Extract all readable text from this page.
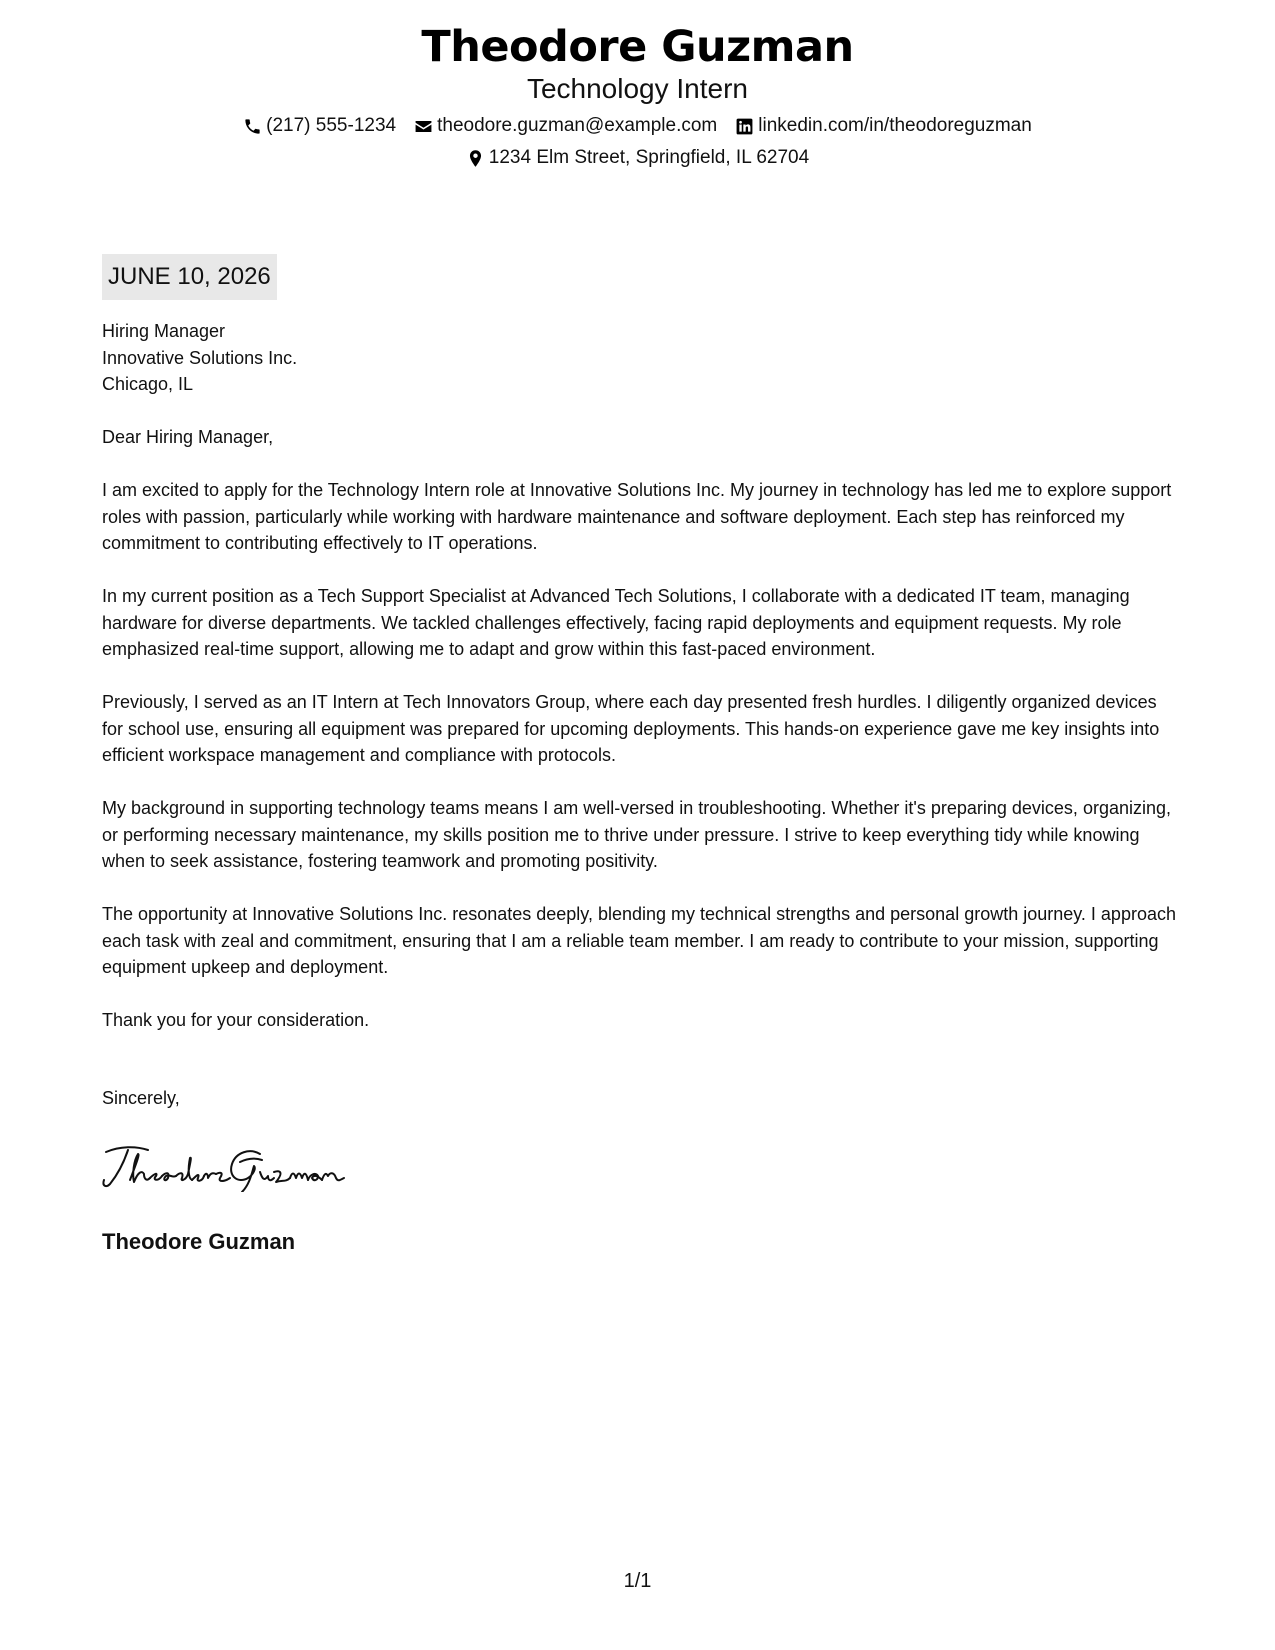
Theodore Guzman
Technology Intern
(217) 555-1234 theodore.guzman@example.com linkedin.com/in/theodoreguzman
1234 Elm Street, Springfield, IL 62704
JUNE 10, 2026

Hiring Manager

Innovative Solutions Inc.

Chicago, IL

Dear Hiring Manager,

I am excited to apply for the Technology Intern role at Innovative Solutions Inc. My journey in technology has led me to explore support roles with passion, particularly while working with hardware maintenance and software deployment. Each step has reinforced my commitment to contributing effectively to IT operations.

In my current position as a Tech Support Specialist at Advanced Tech Solutions, I collaborate with a dedicated IT team, managing hardware for diverse departments. We tackled challenges effectively, facing rapid deployments and equipment requests. My role emphasized real-time support, allowing me to adapt and grow within this fast-paced environment.

Previously, I served as an IT Intern at Tech Innovators Group, where each day presented fresh hurdles. I diligently organized devices for school use, ensuring all equipment was prepared for upcoming deployments. This hands-on experience gave me key insights into efficient workspace management and compliance with protocols.

My background in supporting technology teams means I am well-versed in troubleshooting. Whether it's preparing devices, organizing, or performing necessary maintenance, my skills position me to thrive under pressure. I strive to keep everything tidy while knowing when to seek assistance, fostering teamwork and promoting positivity.

The opportunity at Innovative Solutions Inc. resonates deeply, blending my technical strengths and personal growth journey. I approach each task with zeal and commitment, ensuring that I am a reliable team member. I am ready to contribute to your mission, supporting equipment upkeep and deployment.

Thank you for your consideration.

Sincerely,
Theodore Guzman
1/1
